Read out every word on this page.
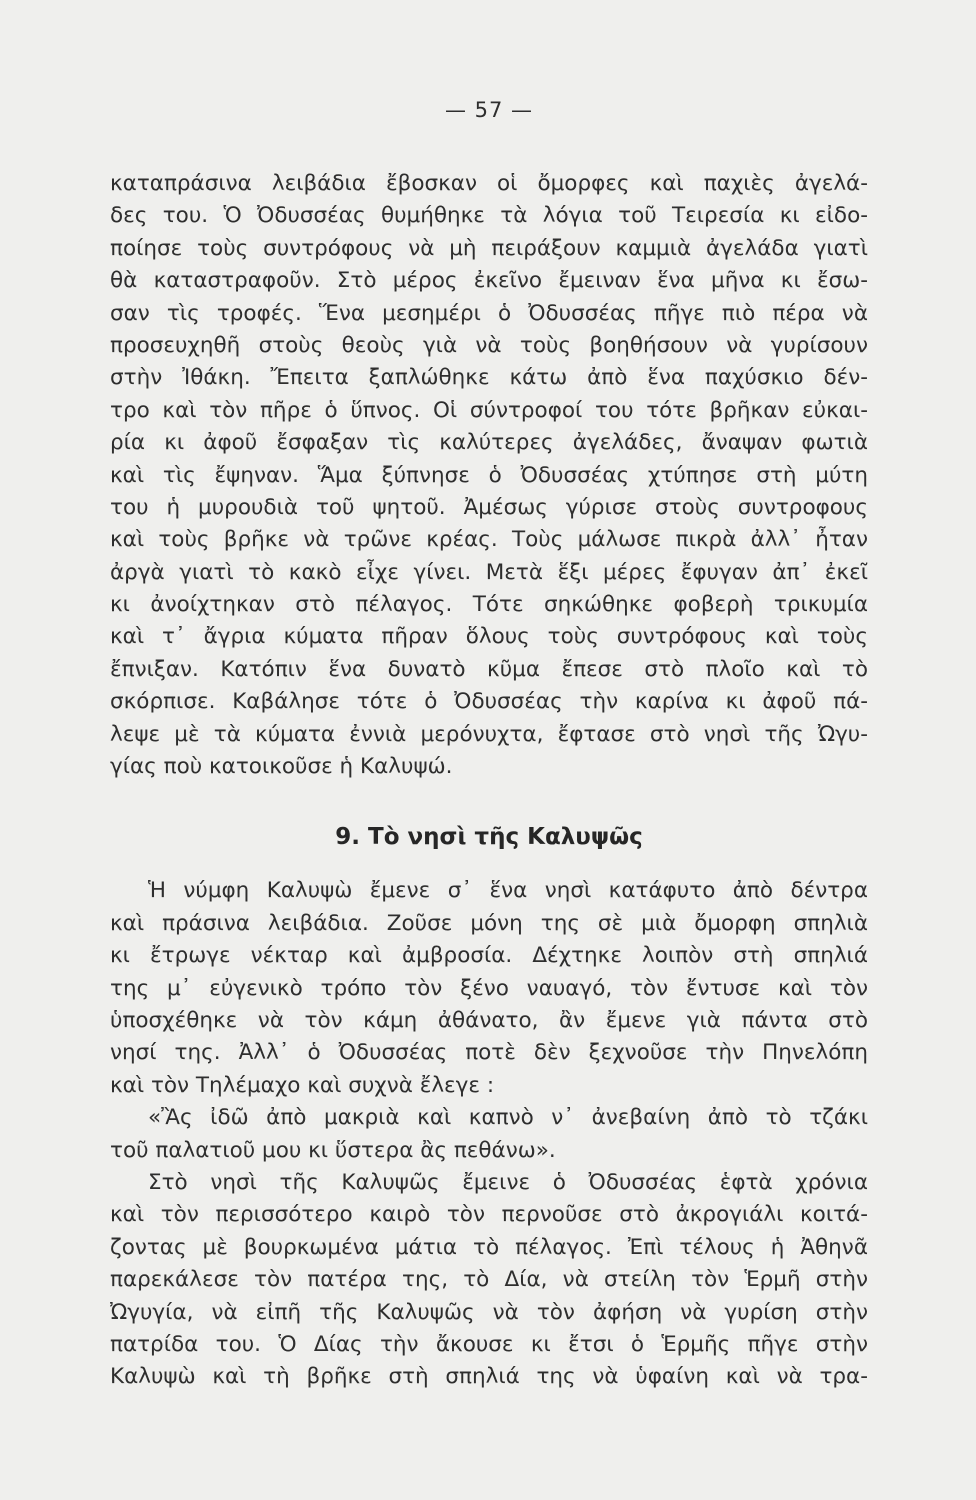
— 57 —
καταπράσινα λειβάδια ἔβοσκαν οἱ ὄμορφες καὶ παχιὲς ἀγελά-
δες του. Ὁ Ὀδυσσέας θυμήθηκε τὰ λόγια τοῦ Τειρεσία κι εἰδο-
ποίησε τοὺς συντρόφους νὰ μὴ πειράξουν καμμιὰ ἀγελάδα γιατὶ
θὰ καταστραφοῦν. Στὸ μέρος ἐκεῖνο ἔμειναν ἕνα μῆνα κι ἔσω-
σαν τὶς τροφές. Ἕνα μεσημέρι ὁ Ὀδυσσέας πῆγε πιὸ πέρα νὰ
προσευχηθῆ στοὺς θεοὺς γιὰ νὰ τοὺς βοηθήσουν νὰ γυρίσουν
στὴν Ἰθάκη. Ἔπειτα ξαπλώθηκε κάτω ἀπὸ ἕνα παχύσκιο δέν-
τρο καὶ τὸν πῆρε ὁ ὕπνος. Οἱ σύντροφοί του τότε βρῆκαν εὐκαι-
ρία κι ἀφοῦ ἔσφαξαν τὶς καλύτερες ἀγελάδες, ἄναψαν φωτιὰ
καὶ τὶς ἔψηναν. Ἅμα ξύπνησε ὁ Ὀδυσσέας χτύπησε στὴ μύτη
του ἡ μυρουδιὰ τοῦ ψητοῦ. Ἀμέσως γύρισε στοὺς συντροφους
καὶ τοὺς βρῆκε νὰ τρῶνε κρέας. Τοὺς μάλωσε πικρὰ ἀλλ᾽ ἦταν
ἀργὰ γιατὶ τὸ κακὸ εἶχε γίνει. Μετὰ ἕξι μέρες ἔφυγαν ἀπ᾽ ἐκεῖ
κι ἀνοίχτηκαν στὸ πέλαγος. Τότε σηκώθηκε φοβερὴ τρικυμία
καὶ τ᾽ ἄγρια κύματα πῆραν ὅλους τοὺς συντρόφους καὶ τοὺς
ἔπνιξαν. Κατόπιν ἕνα δυνατὸ κῦμα ἔπεσε στὸ πλοῖο καὶ τὸ
σκόρπισε. Καβάλησε τότε ὁ Ὀδυσσέας τὴν καρίνα κι ἀφοῦ πά-
λεψε μὲ τὰ κύματα ἐννιὰ μερόνυχτα, ἔφτασε στὸ νησὶ τῆς Ὠγυ-
γίας ποὺ κατοικοῦσε ἡ Καλυψώ.
9. Τὸ νησὶ τῆς Καλυψῶς
Ἡ νύμφη Καλυψὼ ἔμενε σ᾽ ἕνα νησὶ κατάφυτο ἀπὸ δέντρα
καὶ πράσινα λειβάδια. Ζοῦσε μόνη της σὲ μιὰ ὄμορφη σπηλιὰ
κι ἔτρωγε νέκταρ καὶ ἀμβροσία. Δέχτηκε λοιπὸν στὴ σπηλιά
της μ᾽ εὐγενικὸ τρόπο τὸν ξένο ναυαγό, τὸν ἔντυσε καὶ τὸν
ὑποσχέθηκε νὰ τὸν κάμη ἀθάνατο, ἂν ἔμενε γιὰ πάντα στὸ
νησί της. Ἀλλ᾽ ὁ Ὀδυσσέας ποτὲ δὲν ξεχνοῦσε τὴν Πηνελόπη
καὶ τὸν Τηλέμαχο καὶ συχνὰ ἔλεγε :
«Ἂς ἰδῶ ἀπὸ μακριὰ καὶ καπνὸ ν᾽ ἀνεβαίνη ἀπὸ τὸ τζάκι
τοῦ παλατιοῦ μου κι ὕστερα ἂς πεθάνω».
Στὸ νησὶ τῆς Καλυψῶς ἔμεινε ὁ Ὀδυσσέας ἑφτὰ χρόνια
καὶ τὸν περισσότερο καιρὸ τὸν περνοῦσε στὸ ἀκρογιάλι κοιτά-
ζοντας μὲ βουρκωμένα μάτια τὸ πέλαγος. Ἐπὶ τέλους ἡ Ἀθηνᾶ
παρεκάλεσε τὸν πατέρα της, τὸ Δία, νὰ στείλη τὸν Ἑρμῆ στὴν
Ὠγυγία, νὰ εἰπῆ τῆς Καλυψῶς νὰ τὸν ἀφήση νὰ γυρίση στὴν
πατρίδα του. Ὁ Δίας τὴν ἄκουσε κι ἔτσι ὁ Ἑρμῆς πῆγε στὴν
Καλυψὼ καὶ τὴ βρῆκε στὴ σπηλιά της νὰ ὑφαίνη καὶ νὰ τρα-
